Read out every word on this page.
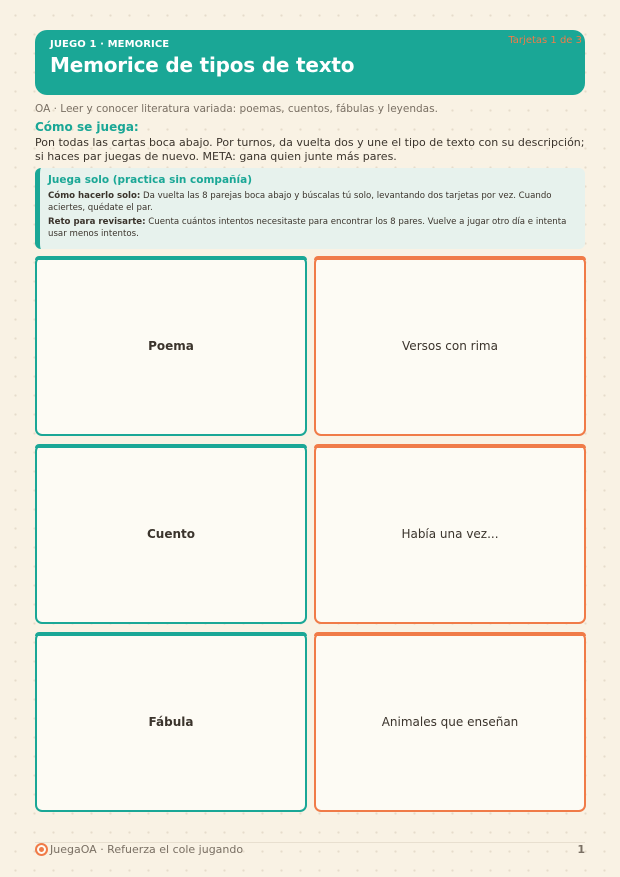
JUEGO 1 · MEMORICE
Memorice de tipos de texto
Tarjetas 1 de 3
OA · Leer y conocer literatura variada: poemas, cuentos, fábulas y leyendas.
Cómo se juega:
Pon todas las cartas boca abajo. Por turnos, da vuelta dos y une el tipo de texto con su descripción; si haces par juegas de nuevo. META: gana quien junte más pares.
Juega solo (practica sin compañía)
Cómo hacerlo solo: Da vuelta las 8 parejas boca abajo y búscalas tú solo, levantando dos tarjetas por vez. Cuando aciertes, quédate el par.
Reto para revisarte: Cuenta cuántos intentos necesitaste para encontrar los 8 pares. Vuelve a jugar otro día e intenta usar menos intentos.
Poema	Versos con rima
Cuento	Había una vez...
Fábula	Animales que enseñan
JuegaOA · Refuerza el cole jugando	1
